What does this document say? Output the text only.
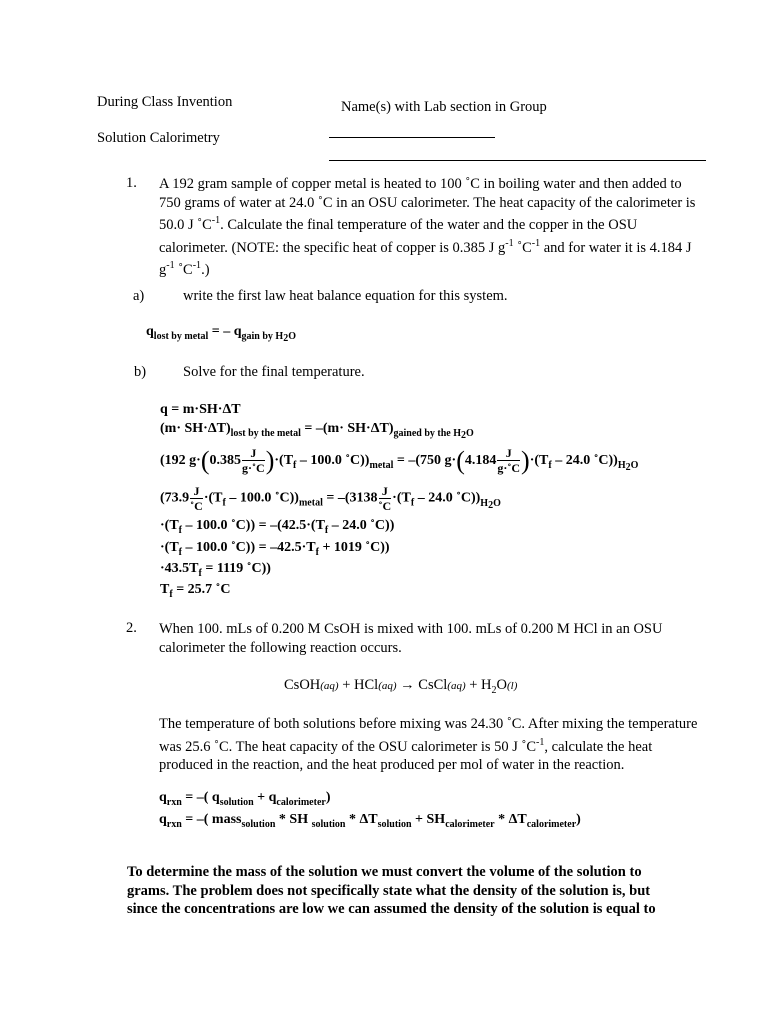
During Class Invention
Solution Calorimetry
Name(s) with Lab section in Group
1. A 192 gram sample of copper metal is heated to 100 ˚C in boiling water and then added to
750 grams of water at 24.0 ˚C in an OSU calorimeter. The heat capacity of the calorimeter is
50.0 J $˚C^{-1}$. Calculate the final temperature of the water and the copper in the OSU
calorimeter. (NOTE: the specific heat of copper is 0.385 J $g^{-1}$ $˚C^{-1}$ and for water it is 4.184 J
$g^{-1}$ $˚C^{-1}$.)
a)	write the first law heat balance equation for this system.
$q_{lost by metal}$ = – $q_{gain by H_2O}$
b)	Solve for the final temperature.
q = m·SH·ΔT
$(m\cdot SH\cdot\Delta T)_{lost by the metal} = -(m\cdot SH\cdot\Delta T)_{gained by the H_2O}$
(192 $g\cdot(0.385 \frac{J}{g\cdot˚C} )\cdot(T_f - 100.0$ $˚C))_{metal} = -(750$ $g\cdot(4.184 \frac{J}{g\cdot˚C} )\cdot(T_f - 24.0$ $˚C))_{H_2O}$
($73.9 \frac{J}{˚C} \cdot(T_f - 100.0$ $˚C))_{metal} = -(3138 \frac{J}{˚C} \cdot(T_f - 24.0$ $˚C))_{H_2O}$
$\cdot(T_f - 100.0$ ˚C)) = $-(42.5\cdot(T_f - 24.0$ ˚C))
$\cdot(T_f - 100.0$ ˚C)) = $-42.5\cdot T_f + 1019$ ˚C))
$\cdot 43.5T_f = 1119$ ˚C))
$T_f = 25.7$ ˚C
2. When 100. mLs of 0.200 M CsOH is mixed with 100. mLs of 0.200 M HCl in an OSU
calorimeter the following reaction occurs.
CsOH(aq) + HCl(aq) → CsCl(aq) + $H_2O(l)$
The temperature of both solutions before mixing was 24.30 ˚C. After mixing the temperature
was 25.6 ˚C. The heat capacity of the OSU calorimeter is 50 J $˚C^{-1}$, calculate the heat
produced in the reaction, and the heat produced per mol of water in the reaction.
$q_{rxn}$ = –( $q_{solution} + q_{calorimeter}$)
$q_{rxn}$ = –( mass$_{solution}$ * SH $_{solution} * \Delta T_{solution} + SH_{calorimeter} * \Delta T_{calorimeter}$)
To determine the mass of the solution we must convert the volume of the solution to
grams. The problem does not specifically state what the density of the solution is, but
since the concentrations are low we can assumed the density of the solution is equal to
